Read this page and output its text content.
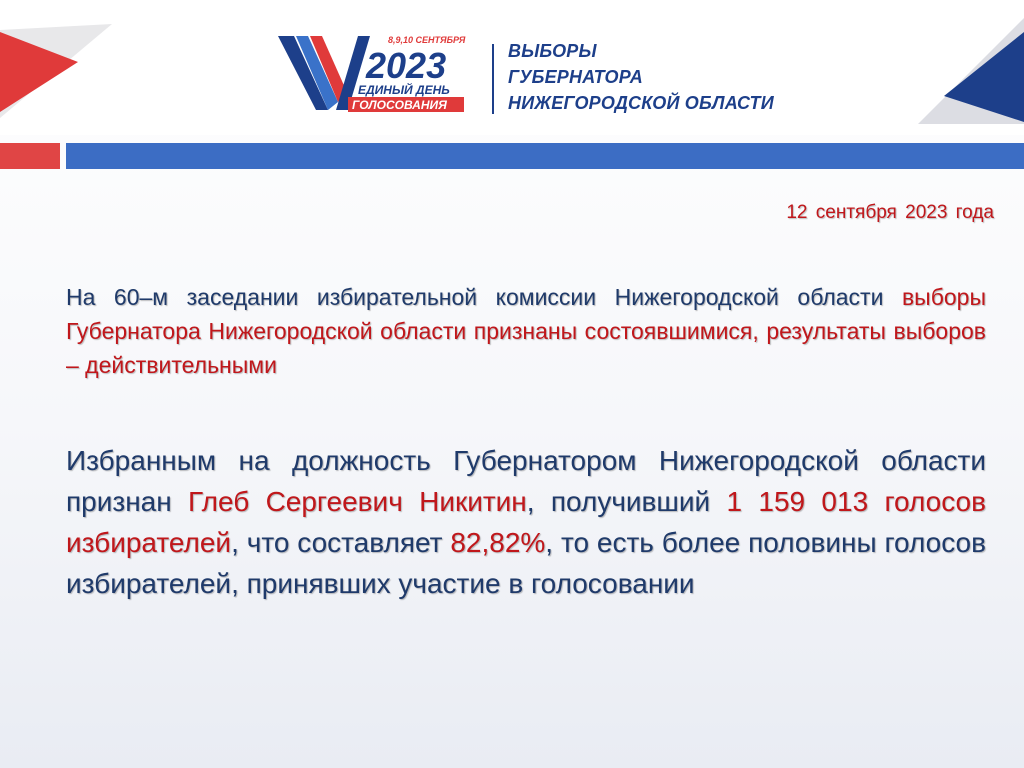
8,9,10 СЕНТЯБРЯ
2023
ЕДИНЫЙ ДЕНЬ
ГОЛОСОВАНИЯ
ВЫБОРЫ
ГУБЕРНАТОРА
НИЖЕГОРОДСКОЙ ОБЛАСТИ
12 сентября 2023 года
На 60–м заседании избирательной комиссии Нижегородской области выборы Губернатора Нижегородской области признаны состоявшимися, результаты выборов – действительными
Избранным на должность Губернатором Нижегородской области признан Глеб Сергеевич Никитин, получивший 1 159 013 голосов избирателей, что составляет 82,82%, то есть более половины голосов избирателей, принявших участие в голосовании
